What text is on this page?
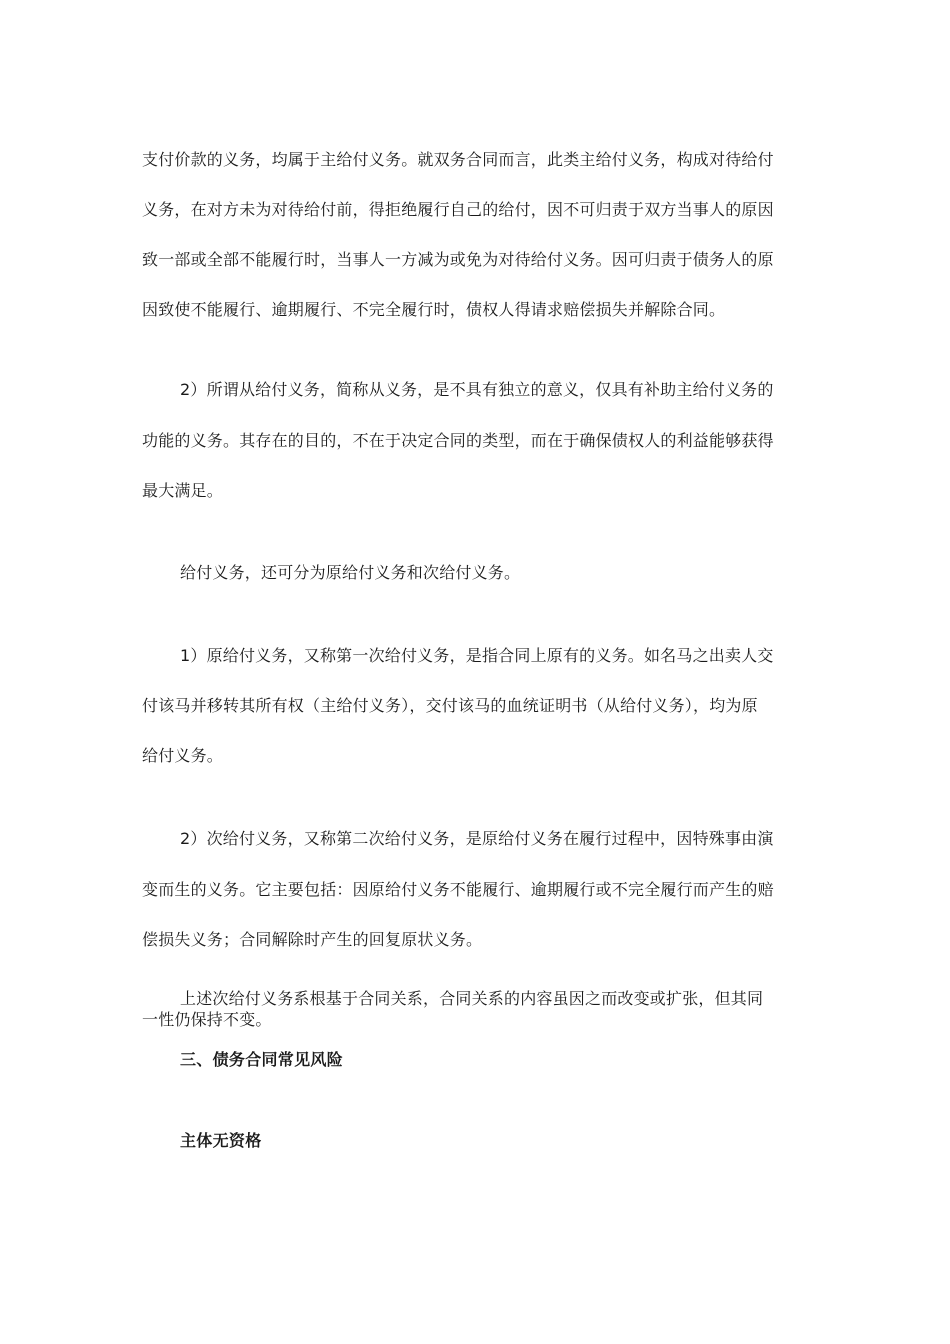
支付价款的义务，均属于主给付义务。就双务合同而言，此类主给付义务，构成对待给付
义务，在对方未为对待给付前，得拒绝履行自己的给付，因不可归责于双方当事人的原因
致一部或全部不能履行时，当事人一方减为或免为对待给付义务。因可归责于债务人的原
因致使不能履行、逾期履行、不完全履行时，债权人得请求赔偿损失并解除合同。
2）所谓从给付义务，简称从义务，是不具有独立的意义，仅具有补助主给付义务的
功能的义务。其存在的目的，不在于决定合同的类型，而在于确保债权人的利益能够获得
最大满足。
给付义务，还可分为原给付义务和次给付义务。
1）原给付义务，又称第一次给付义务，是指合同上原有的义务。如名马之出卖人交
付该马并移转其所有权（主给付义务），交付该马的血统证明书（从给付义务），均为原
给付义务。
2）次给付义务，又称第二次给付义务，是原给付义务在履行过程中，因特殊事由演
变而生的义务。它主要包括：因原给付义务不能履行、逾期履行或不完全履行而产生的赔
偿损失义务；合同解除时产生的回复原状义务。
上述次给付义务系根基于合同关系，合同关系的内容虽因之而改变或扩张，但其同
一性仍保持不变。
三、债务合同常见风险
主体无资格
